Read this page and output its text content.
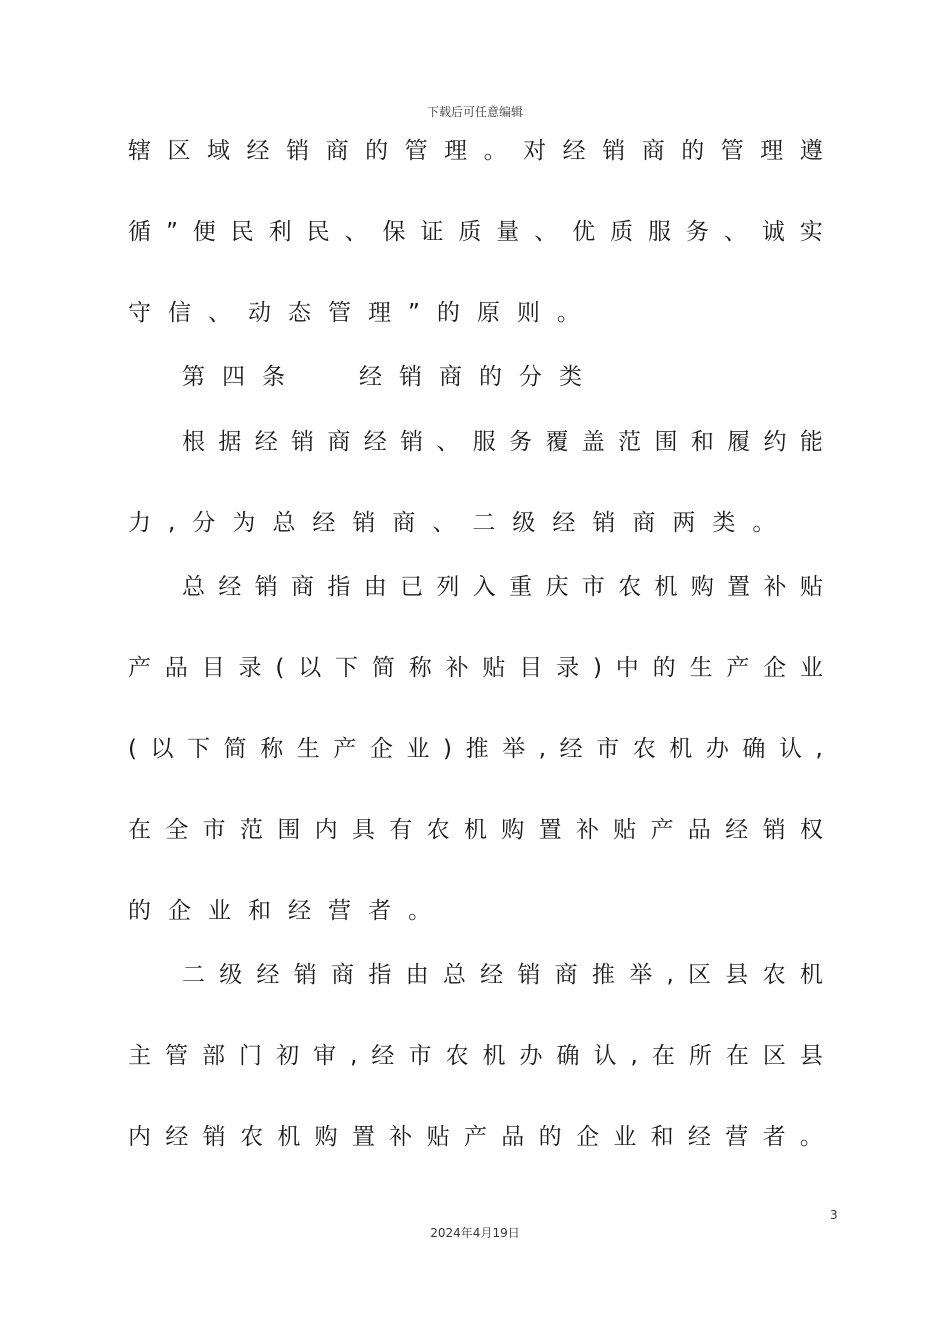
下载后可任意编辑
辖 区 域 经 销 商 的 管 理 。 对 经 销 商 的 管 理 遵
循 ” 便 民 利 民 、 保 证 质 量 、 优 质 服 务 、 诚 实
守 信 、 动 态 管 理 ” 的 原 则 。
第 四 条
　	经 销 商 的 分 类
根 据 经 销 商 经 销 、 服 务 覆 盖 范 围 和 履 约 能
力 , 分 为 总 经 销 商 、 二 级 经 销 商 两 类 。
总 经 销 商 指 由 已 列 入 重 庆 市 农 机 购 置 补 贴
产 品 目 录 ( 以 下 简 称 补 贴 目 录 ) 中 的 生 产 企 业
( 以 下 简 称 生 产 企 业 ) 推 举 , 经 市 农 机 办 确 认 ,
在 全 市 范 围 内 具 有 农 机 购 置 补 贴 产 品 经 销 权
的 企 业 和 经 营 者 。
二 级 经 销 商 指 由 总 经 销 商 推 举 , 区 县 农 机
主 管 部 门 初 审 , 经 市 农 机 办 确 认 , 在 所 在 区 县
内 经 销 农 机 购 置 补 贴 产 品 的 企 业 和 经 营 者 。
3
2024年4月19日
